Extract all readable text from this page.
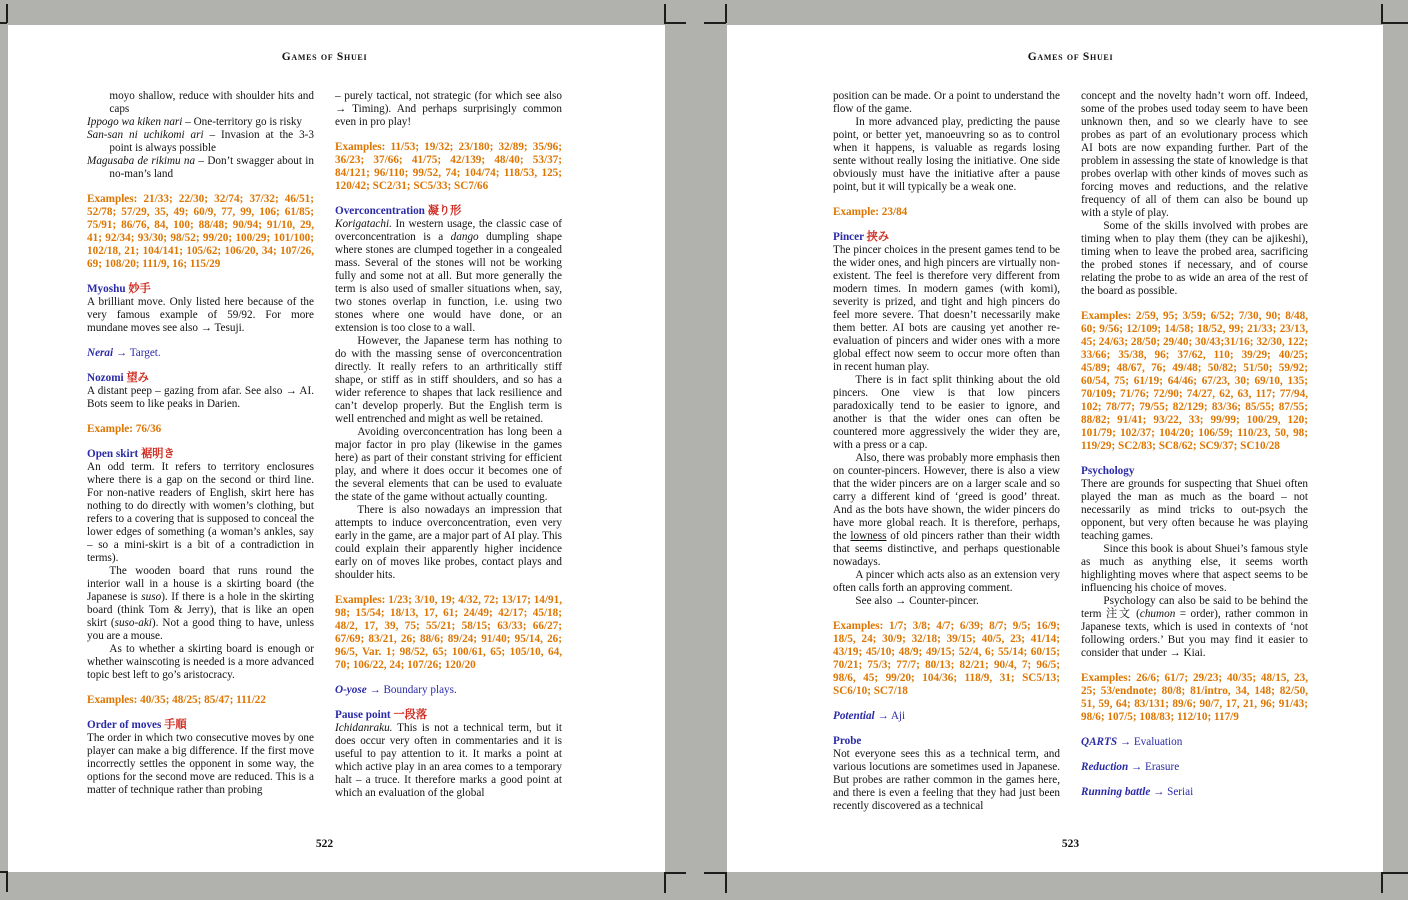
Games of Shuei
moyo shallow, reduce with shoulder hits and caps
Ippogo wa kiken nari – One-territory go is risky
San-san ni uchikomi ari – Invasion at the 3-3 point is always possible
Magusaba de rikimu na – Don’t swagger about in no-man’s land
Examples: 21/33; 22/30; 32/74; 37/32; 46/51; 52/78; 57/29, 35, 49; 60/9, 77, 99, 106; 61/85; 75/91; 86/76, 84, 100; 88/48; 90/94; 91/10, 29, 41; 92/34; 93/30; 98/52; 99/20; 100/29; 101/100; 102/18, 21; 104/141; 105/62; 106/20, 34; 107/26, 69; 108/20; 111/9, 16; 115/29
Myoshu 妙手
A brilliant move. Only listed here because of the very famous example of 59/92. For more mundane moves see also → Tesuji.
Nerai → Target.
Nozomi 望み
A distant peep – gazing from afar. See also → AI. Bots seem to like peaks in Darien.
Example: 76/36
Open skirt 裾明き
An odd term. It refers to territory enclosures where there is a gap on the second or third line. For non-native readers of English, skirt here has nothing to do directly with women’s clothing, but refers to a covering that is supposed to conceal the lower edges of something (a woman’s ankles, say – so a mini-skirt is a bit of a contradiction in terms).
The wooden board that runs round the interior wall in a house is a skirting board (the Japanese is suso). If there is a hole in the skirting board (think Tom & Jerry), that is like an open skirt (suso-aki). Not a good thing to have, unless you are a mouse.
As to whether a skirting board is enough or whether wainscoting is needed is a more advanced topic best left to go’s aristocracy.
Examples: 40/35; 48/25; 85/47; 111/22
Order of moves 手順
The order in which two consecutive moves by one player can make a big difference. If the first move incorrectly settles the opponent in some way, the options for the second move are reduced. This is a matter of technique rather than probing
– purely tactical, not strategic (for which see also → Timing). And perhaps surprisingly common even in pro play!
Examples: 11/53; 19/32; 23/180; 32/89; 35/96; 36/23; 37/66; 41/75; 42/139; 48/40; 53/37; 84/121; 96/110; 99/52, 74; 104/74; 118/53, 125; 120/42; SC2/31; SC5/33; SC7/66
Overconcentration 凝り形
Korigatachi. In western usage, the classic case of overconcentration is a dango dumpling shape where stones are clumped together in a congealed mass. Several of the stones will not be working fully and some not at all. But more generally the term is also used of smaller situations when, say, two stones overlap in function, i.e. using two stones where one would have done, or an extension is too close to a wall.
However, the Japanese term has nothing to do with the massing sense of overconcentration directly. It really refers to an arthritically stiff shape, or stiff as in stiff shoulders, and so has a wider reference to shapes that lack resilience and can’t develop properly. But the English term is well entrenched and might as well be retained.
Avoiding overconcentration has long been a major factor in pro play (likewise in the games here) as part of their constant striving for efficient play, and where it does occur it becomes one of the several elements that can be used to evaluate the state of the game without actually counting.
There is also nowadays an impression that attempts to induce overconcentration, even very early in the game, are a major part of AI play. This could explain their apparently higher incidence early on of moves like probes, contact plays and shoulder hits.
Examples: 1/23; 3/10, 19; 4/32, 72; 13/17; 14/91, 98; 15/54; 18/13, 17, 61; 24/49; 42/17; 45/18; 48/2, 17, 39, 75; 55/21; 58/15; 63/33; 66/27; 67/69; 83/21, 26; 88/6; 89/24; 91/40; 95/14, 26; 96/5, Var. 1; 98/52, 65; 100/61, 65; 105/10, 64, 70; 106/22, 24; 107/26; 120/20
O-yose → Boundary plays.
Pause point 一段落
Ichidanraku. This is not a technical term, but it does occur very often in commentaries and it is useful to pay attention to it. It marks a point at which active play in an area comes to a temporary halt – a truce. It therefore marks a good point at which an evaluation of the global
522
Games of Shuei
position can be made. Or a point to understand the flow of the game.
In more advanced play, predicting the pause point, or better yet, manoeuvring so as to control when it happens, is valuable as regards losing sente without really losing the initiative. One side obviously must have the initiative after a pause point, but it will typically be a weak one.
Example: 23/84
Pincer 挟み
The pincer choices in the present games tend to be the wider ones, and high pincers are virtually non-existent. The feel is therefore very different from modern times. In modern games (with komi), severity is prized, and tight and high pincers do feel more severe. That doesn’t necessarily make them better. AI bots are causing yet another re-evaluation of pincers and wider ones with a more global effect now seem to occur more often than in recent human play.
There is in fact split thinking about the old pincers. One view is that low pincers paradoxically tend to be easier to ignore, and another is that the wider ones can often be countered more aggressively the wider they are, with a press or a cap.
Also, there was probably more emphasis then on counter-pincers. However, there is also a view that the wider pincers are on a larger scale and so carry a different kind of ‘greed is good’ threat. And as the bots have shown, the wider pincers do have more global reach. It is therefore, perhaps, the lowness of old pincers rather than their width that seems distinctive, and perhaps questionable nowadays.
A pincer which acts also as an extension very often calls forth an approving comment.
See also → Counter-pincer.
Examples: 1/7; 3/8; 4/7; 6/39; 8/7; 9/5; 16/9; 18/5, 24; 30/9; 32/18; 39/15; 40/5, 23; 41/14; 43/19; 45/10; 48/9; 49/15; 52/4, 6; 55/14; 60/15; 70/21; 75/3; 77/7; 80/13; 82/21; 90/4, 7; 96/5; 98/6, 45; 99/20; 104/36; 118/9, 31; SC5/13; SC6/10; SC7/18
Potential → Aji
Probe
Not everyone sees this as a technical term, and various locutions are sometimes used in Japanese. But probes are rather common in the games here, and there is even a feeling that they had just been recently discovered as a technical
concept and the novelty hadn’t worn off. Indeed, some of the probes used today seem to have been unknown then, and so we clearly have to see probes as part of an evolutionary process which AI bots are now expanding further. Part of the problem in assessing the state of knowledge is that probes overlap with other kinds of moves such as forcing moves and reductions, and the relative frequency of all of them can also be bound up with a style of play.
Some of the skills involved with probes are timing when to play them (they can be ajikeshi), timing when to leave the probed area, sacrificing the probed stones if necessary, and of course relating the probe to as wide an area of the rest of the board as possible.
Examples: 2/59, 95; 3/59; 6/52; 7/30, 90; 8/48, 60; 9/56; 12/109; 14/58; 18/52, 99; 21/33; 23/13, 45; 24/63; 28/50; 29/40; 30/43;31/16; 32/30, 122; 33/66; 35/38, 96; 37/62, 110; 39/29; 40/25; 45/89; 48/67, 76; 49/48; 50/82; 51/50; 59/92; 60/54, 75; 61/19; 64/46; 67/23, 30; 69/10, 135; 70/109; 71/76; 72/90; 74/27, 62, 63, 117; 77/94, 102; 78/77; 79/55; 82/129; 83/36; 85/55; 87/55; 88/82; 91/41; 93/22, 33; 99/99; 100/29, 120; 101/79; 102/37; 104/20; 106/59; 110/23, 50, 98; 119/29; SC2/83; SC8/62; SC9/37; SC10/28
Psychology
There are grounds for suspecting that Shuei often played the man as much as the board – not necessarily as mind tricks to out-psych the opponent, but very often because he was playing teaching games.
Since this book is about Shuei’s famous style as much as anything else, it seems worth highlighting moves where that aspect seems to be influencing his choice of moves.
Psychology can also be said to be behind the term 注文 (chumon = order), rather common in Japanese texts, which is used in contexts of ‘not following orders.’ But you may find it easier to consider that under → Kiai.
Examples: 26/6; 61/7; 29/23; 40/35; 48/15, 23, 25; 53/endnote; 80/8; 81/intro, 34, 148; 82/50, 51, 59, 64; 83/131; 89/6; 90/7, 17, 21, 96; 91/43; 98/6; 107/5; 108/83; 112/10; 117/9
QARTS → Evaluation
Reduction → Erasure
Running battle → Seriai
523
